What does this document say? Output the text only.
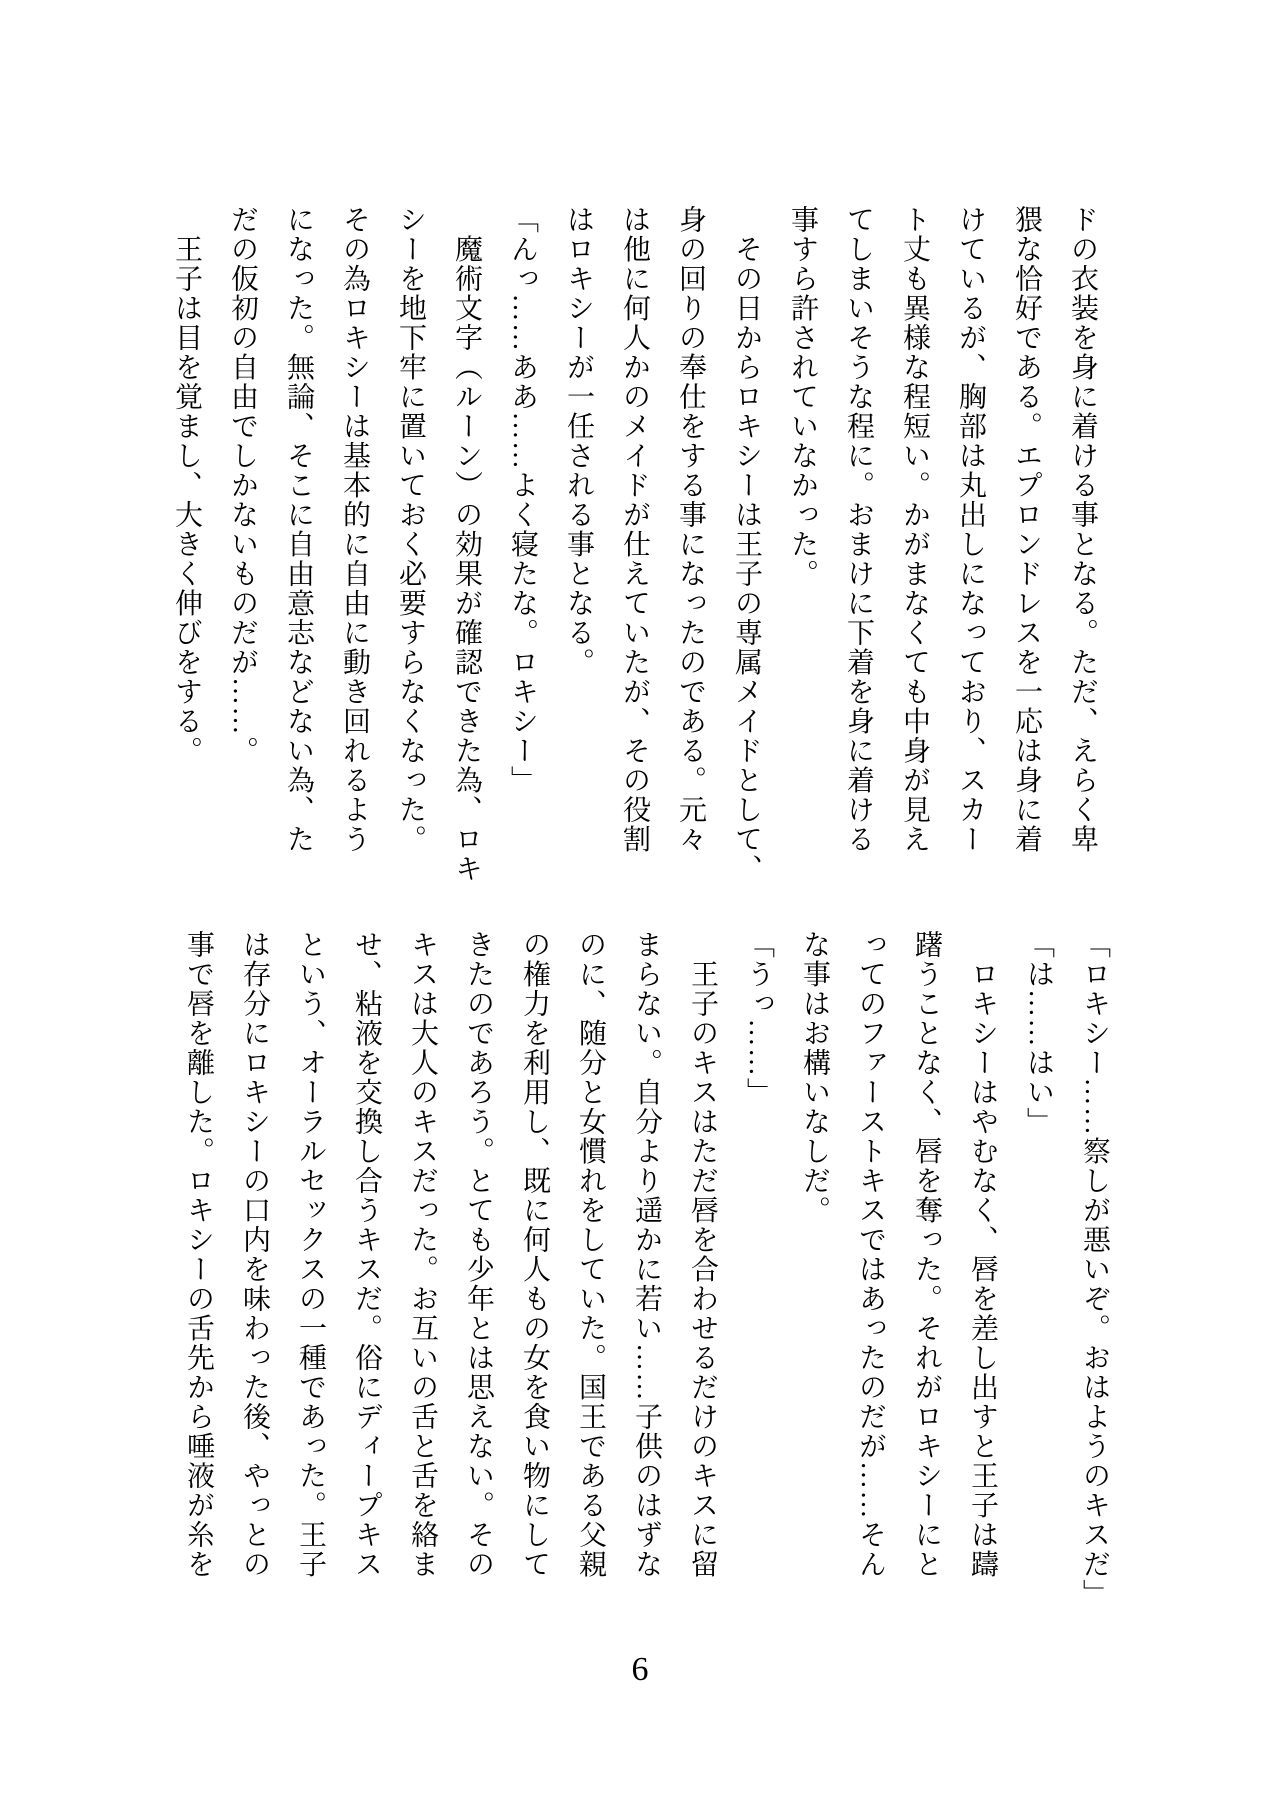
ドの衣装を身に着ける事となる。ただ、えらく卑
猥な恰好である。エプロンドレスを一応は身に着
けているが、胸部は丸出しになっており、スカー
ト丈も異様な程短い。かがまなくても中身が見え
てしまいそうな程に。おまけに下着を身に着ける
事すら許されていなかった。
　その日からロキシーは王子の専属メイドとして、
身の回りの奉仕をする事になったのである。元々
は他に何人かのメイドが仕えていたが、その役割
はロキシーが一任される事となる。
「んっ……ああ……よく寝たな。ロキシー」
　魔術文字（ルーン）の効果が確認できた為、ロキ
シーを地下牢に置いておく必要すらなくなった。
その為ロキシーは基本的に自由に動き回れるよう
になった。無論、そこに自由意志などない為、た
だの仮初の自由でしかないものだが……。
　王子は目を覚まし、大きく伸びをする。
「ロキシー……察しが悪いぞ。おはようのキスだ」
「は……はい」
　ロキシーはやむなく、唇を差し出すと王子は躊
躇うことなく、唇を奪った。それがロキシーにと
ってのファーストキスではあったのだが……そん
な事はお構いなしだ。
「うっ……」
　王子のキスはただ唇を合わせるだけのキスに留
まらない。自分より遥かに若い……子供のはずな
のに、随分と女慣れをしていた。国王である父親
の権力を利用し、既に何人もの女を食い物にして
きたのであろう。とても少年とは思えない。その
キスは大人のキスだった。お互いの舌と舌を絡ま
せ、粘液を交換し合うキスだ。俗にディープキス
という、オーラルセックスの一種であった。王子
は存分にロキシーの口内を味わった後、やっとの
事で唇を離した。ロキシーの舌先から唾液が糸を
6
